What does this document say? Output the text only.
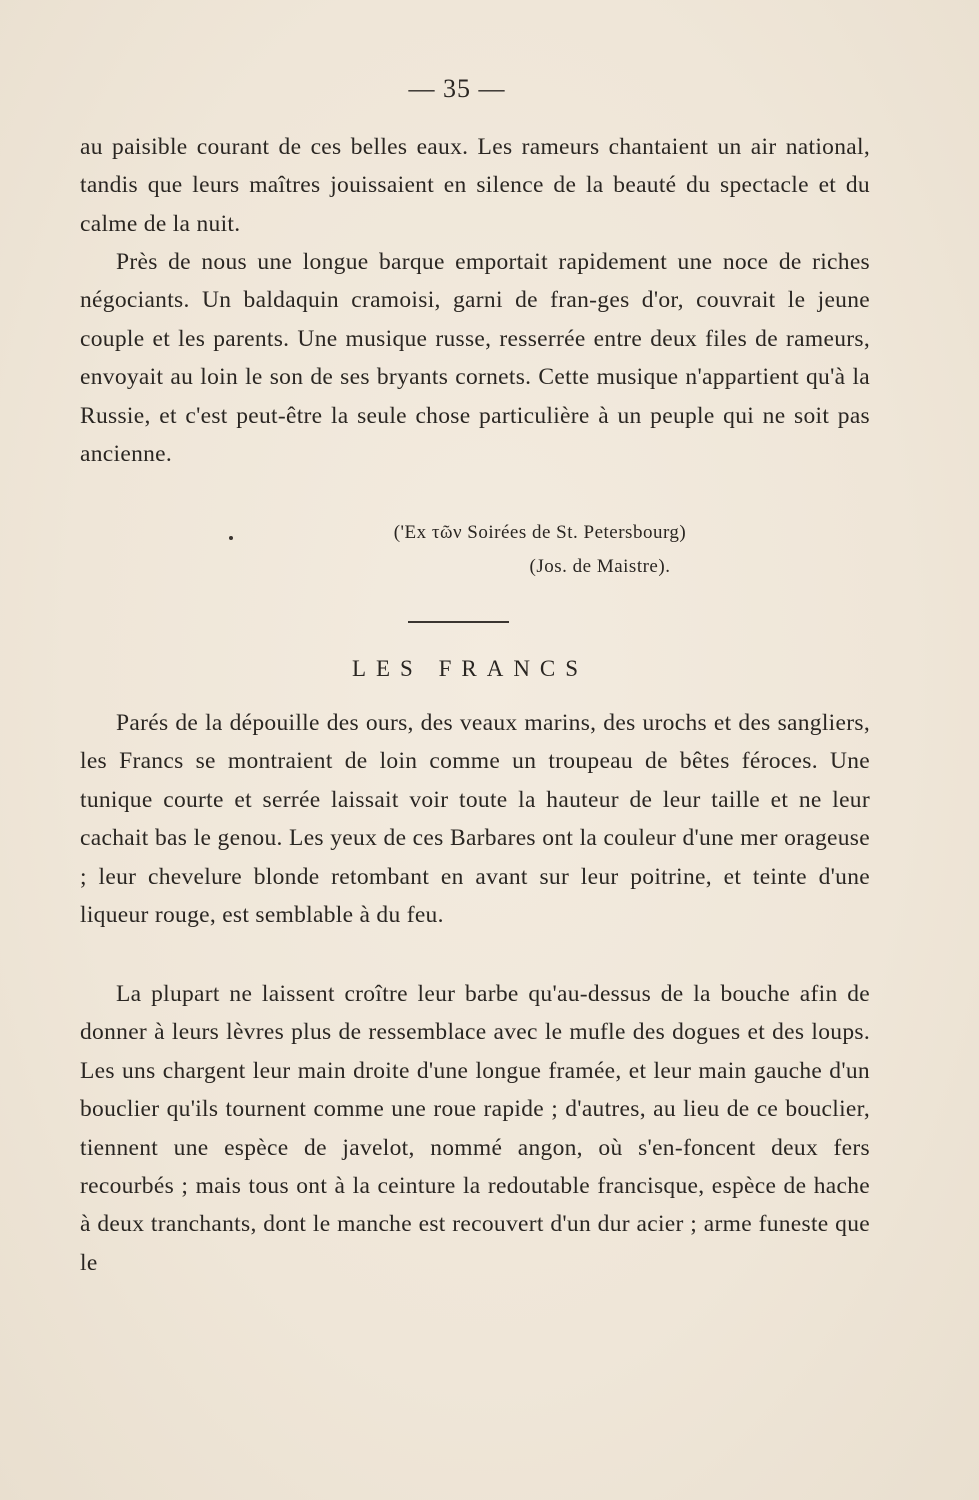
— 35 —

au paisible courant de ces belles eaux. Les rameurs chantaient un air national, tandis que leurs maîtres jouissaient en silence de la beauté du spectacle et du calme de la nuit.

Près de nous une longue barque emportait rapidement une noce de riches négociants. Un baldaquin cramoisi, garni de fran-ges d'or, couvrait le jeune couple et les parents. Une musique russe, resserrée entre deux files de rameurs, envoyait au loin le son de ses bryants cornets. Cette musique n'appartient qu'à la Russie, et c'est peut-être la seule chose particulière à un peuple qui ne soit pas ancienne.

('Ex τῶν Soirées de St. Petersbourg)
(Jos. de Maistre).
LES FRANCS

Parés de la dépouille des ours, des veaux marins, des urochs et des sangliers, les Francs se montraient de loin comme un troupeau de bêtes féroces. Une tunique courte et serrée laissait voir toute la hauteur de leur taille et ne leur cachait bas le genou. Les yeux de ces Barbares ont la couleur d'une mer orageuse ; leur chevelure blonde retombant en avant sur leur poitrine, et teinte d'une liqueur rouge, est semblable à du feu.

La plupart ne laissent croître leur barbe qu'au-dessus de la bouche afin de donner à leurs lèvres plus de ressemblace avec le mufle des dogues et des loups. Les uns chargent leur main droite d'une longue framée, et leur main gauche d'un bouclier qu'ils tournent comme une roue rapide ; d'autres, au lieu de ce bouclier, tiennent une espèce de javelot, nommé angon, où s'en-foncent deux fers recourbés ; mais tous ont à la ceinture la redoutable francisque, espèce de hache à deux tranchants, dont le manche est recouvert d'un dur acier ; arme funeste que le
